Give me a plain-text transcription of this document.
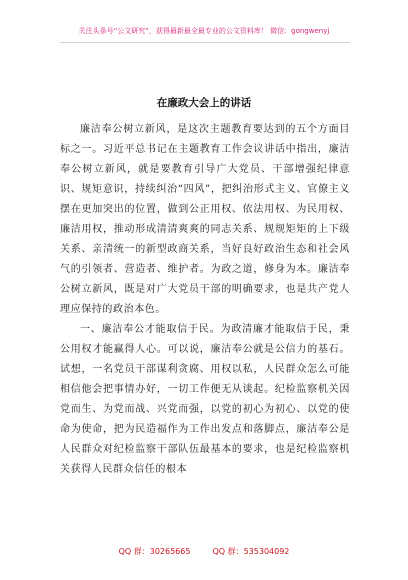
关注头条号“公文研究”，获得最新最全最专业的公文资料库！ 微信：gongwenyj
在廉政大会上的讲话

廉洁奉公树立新风，是这次主题教育要达到的五个方面目标之一。习近平总书记在主题教育工作会议讲话中指出，廉洁奉公树立新风，就是要教育引导广大党员、干部增强纪律意识、规矩意识，持续纠治“四风”，把纠治形式主义、官僚主义摆在更加突出的位置，做到公正用权、依法用权、为民用权、廉洁用权，推动形成清清爽爽的同志关系、规规矩矩的上下级关系、亲清统一的新型政商关系，当好良好政治生态和社会风气的引领者、营造者、维护者。为政之道，修身为本。廉洁奉公树立新风，既是对广大党员干部的明确要求，也是共产党人理应保持的政治本色。

一、廉洁奉公才能取信于民。为政清廉才能取信于民，秉公用权才能赢得人心。可以说，廉洁奉公就是公信力的基石。试想，一名党员干部谋利贪腐、用权以私，人民群众怎么可能相信他会把事情办好，一切工作便无从谈起。纪检监察机关因党而生、为党而战、兴党而强，以党的初心为初心、以党的使命为使命，把为民造福作为工作出发点和落脚点，廉洁奉公是人民群众对纪检监察干部队伍最基本的要求，也是纪检监察机关获得人民群众信任的根本

QQ 群：30265665	QQ 群：535304092
